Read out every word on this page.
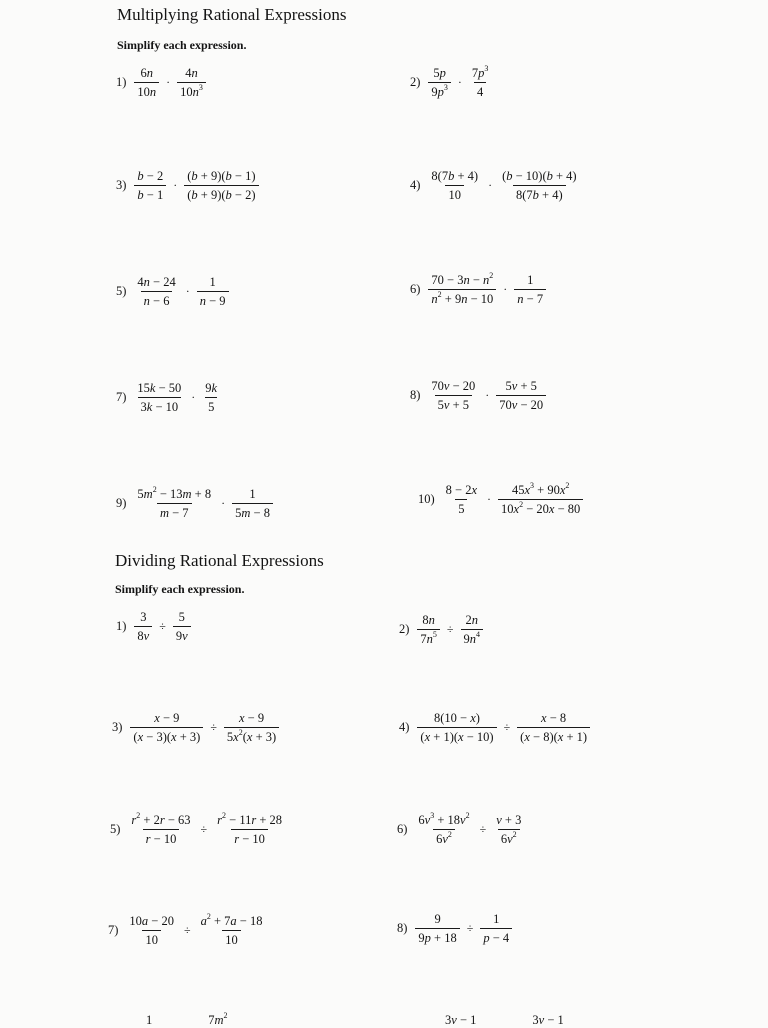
Multiplying Rational Expressions
Simplify each expression.
$1) \frac{6n}{10n} \cdot \frac{4n}{10n^3}$	$2) \frac{5p}{9p^3} \cdot \frac{7p^3}{4}$
$3) \frac{b - 2}{b - 1} \cdot \frac{(b + 9)(b - 1)}{(b + 9)(b - 2)}$	$4) \frac{8(7b + 4)}{10} \cdot \frac{(b - 10)(b + 4)}{8(7b + 4)}$
$5) \frac{4n - 24}{n - 6} \cdot \frac{1}{n - 9}$	$6) \frac{70 - 3n - n^2}{n^2 + 9n - 10} \cdot \frac{1}{n - 7}$
$7) \frac{15k - 50}{3k - 10} \cdot \frac{9k}{5}$	$8) \frac{70v - 20}{5v + 5} \cdot \frac{5v + 5}{70v - 20}$
$9) \frac{5m^2 - 13m + 8}{m - 7} \cdot \frac{1}{5m - 8}$	$10) \frac{8 - 2x}{5} \cdot \frac{45x^3 + 90x^2}{10x^2 - 20x - 80}$
Dividing Rational Expressions
Simplify each expression.
$1) \frac{3}{8v} \div \frac{5}{9v}$	$2) \frac{8n}{7n^5} \div \frac{2n}{9n^4}$
$3) \frac{x - 9}{(x - 3)(x + 3)} \div \frac{x - 9}{5x^2(x + 3)}$	$4) \frac{8(10 - x)}{(x + 1)(x - 10)} \div \frac{x - 8}{(x - 8)(x + 1)}$
$5) \frac{r^2 + 2r - 63}{r - 10} \div \frac{r^2 - 11r + 28}{r - 10}$	$6) \frac{6v^3 + 18v^2}{6v^2} \div \frac{v + 3}{6v^2}$
$7) \frac{10a - 20}{10} \div \frac{a^2 + 7a - 18}{10}$	$8) \frac{9}{9p + 18} \div \frac{1}{p - 4}$
1	$7m^2$	3v − 1	3v − 1
